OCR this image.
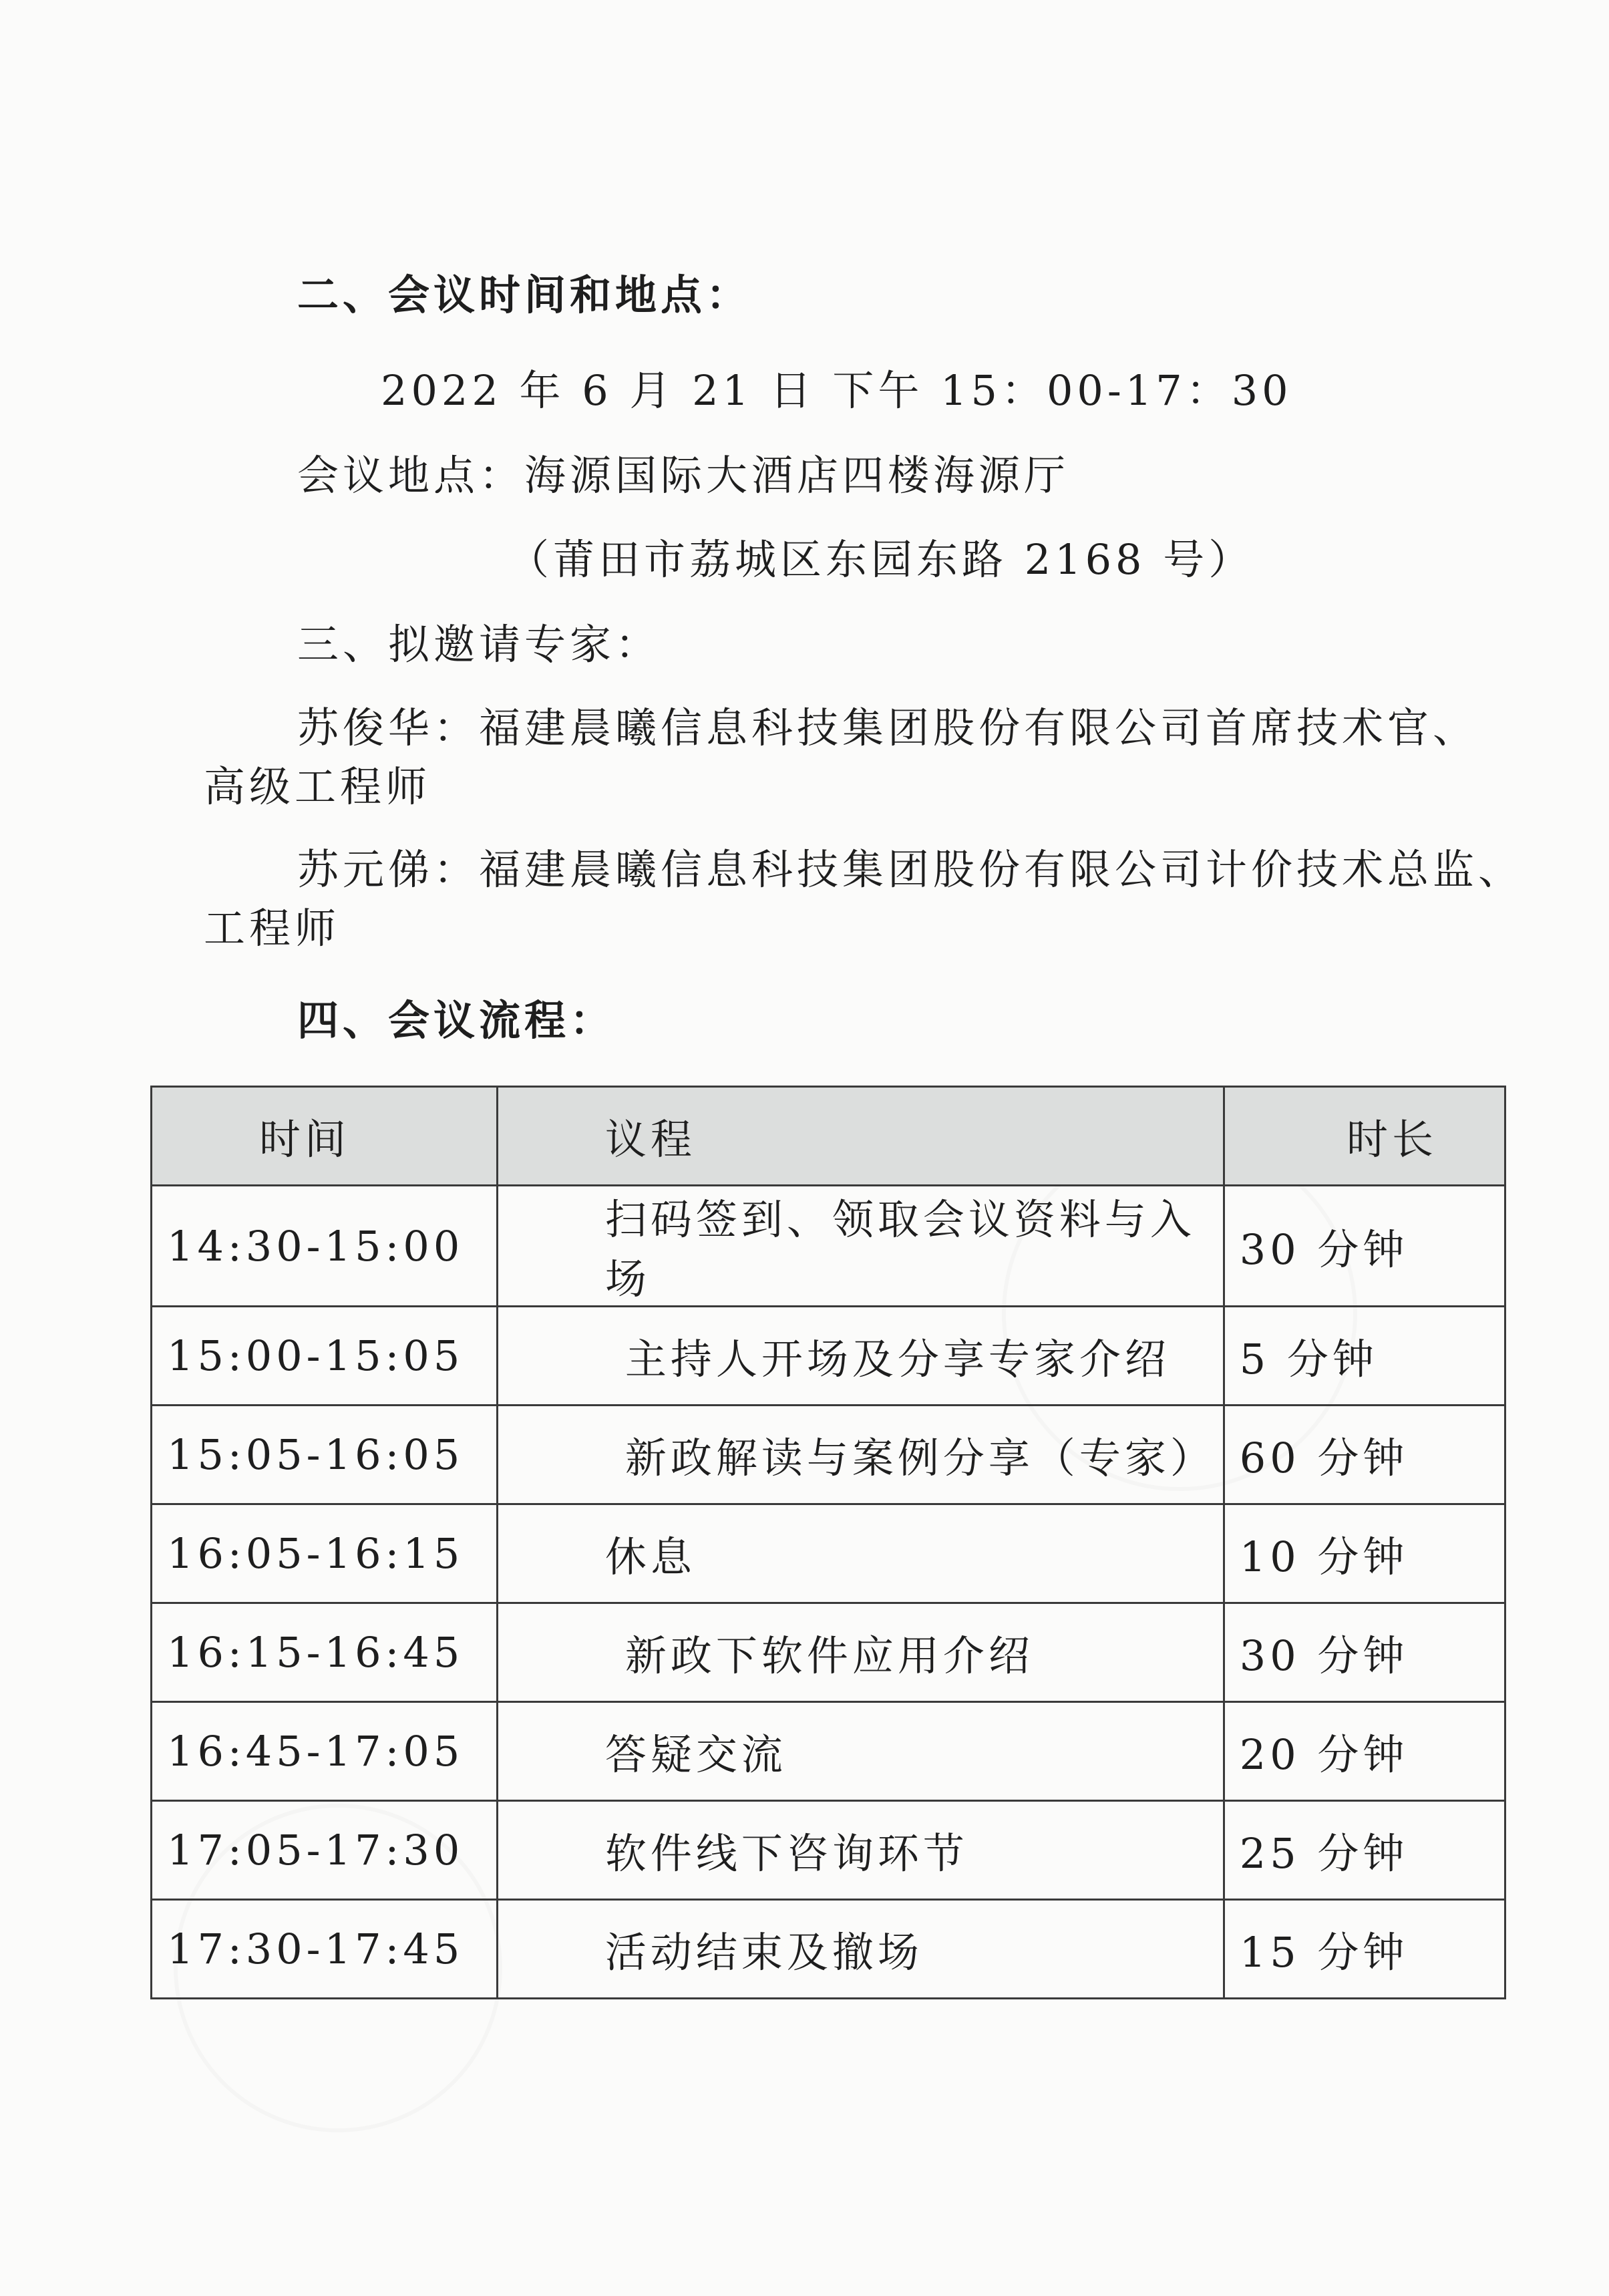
二、会议时间和地点：
2022 年 6 月 21 日 下午 15：00-17：30
会议地点：海源国际大酒店四楼海源厅
（莆田市荔城区东园东路 2168 号）
三、拟邀请专家：
苏俊华：福建晨曦信息科技集团股份有限公司首席技术官、
高级工程师
苏元俤：福建晨曦信息科技集团股份有限公司计价技术总监、
工程师
四、会议流程：
时间	议程	时长
14:30-15:00	扫码签到、领取会议资料与入场	30 分钟
15:00-15:05	主持人开场及分享专家介绍	5 分钟
15:05-16:05	新政解读与案例分享（专家）	60 分钟
16:05-16:15	休息	10 分钟
16:15-16:45	新政下软件应用介绍	30 分钟
16:45-17:05	答疑交流	20 分钟
17:05-17:30	软件线下咨询环节	25 分钟
17:30-17:45	活动结束及撤场	15 分钟
